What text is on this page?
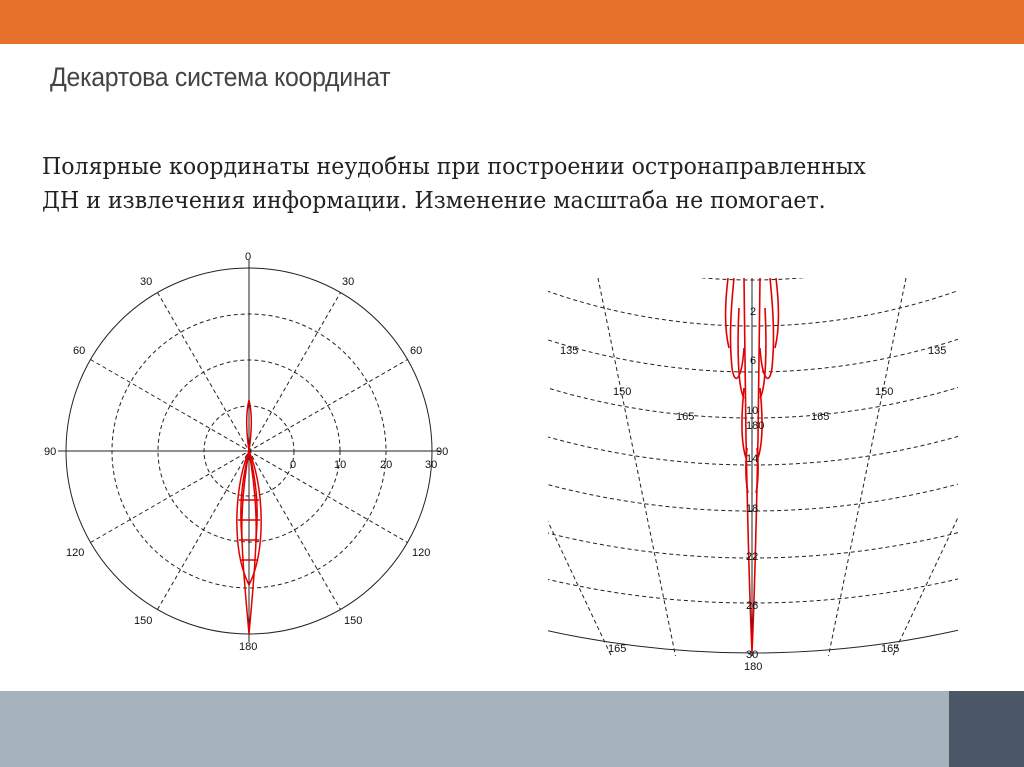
Декартова система координат
Полярные координаты неудобны при построении остронаправленных
ДН и извлечения информации. Изменение масштаба не помогает.
0
30	30
60	60
90	90
120	120
150	150
180
0	10	20	30
135	135
150	150
165	165
165	165
2
6
10
180
14
18
22
26
30
180
